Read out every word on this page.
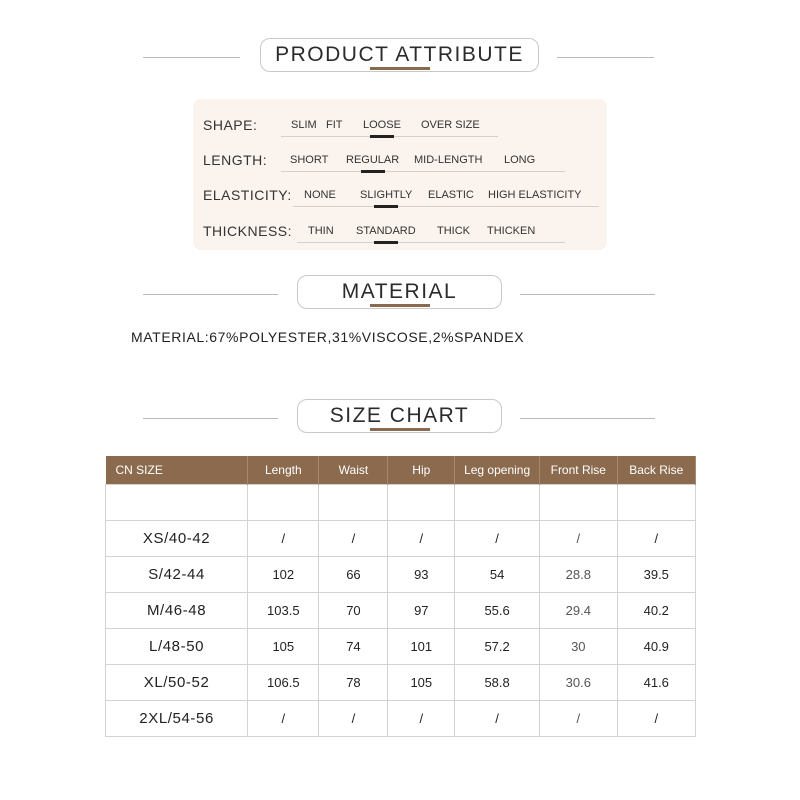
PRODUCT ATTRIBUTE
SHAPE:	SLIM FIT LOOSE OVER SIZE
LENGTH: SHORT REGULAR MID-LENGTH LONG
ELASTICITY: NONE SLIGHTLY ELASTIC HIGH ELASTICITY
THICKNESS: THIN STANDARD THICK THICKEN
MATERIAL
MATERIAL:67%POLYESTER,31%VISCOSE,2%SPANDEX
SIZE CHART
CN SIZE	Length	Waist	Hip	Leg opening	Front Rise	Back Rise

XS/40-42	/	/	/	/	/	/
S/42-44	102	66	93	54	28.8	39.5
M/46-48	103.5	70	97	55.6	29.4	40.2
L/48-50	105	74	101	57.2	30	40.9
XL/50-52	106.5	78	105	58.8	30.6	41.6
2XL/54-56	/	/	/	/	/	/
